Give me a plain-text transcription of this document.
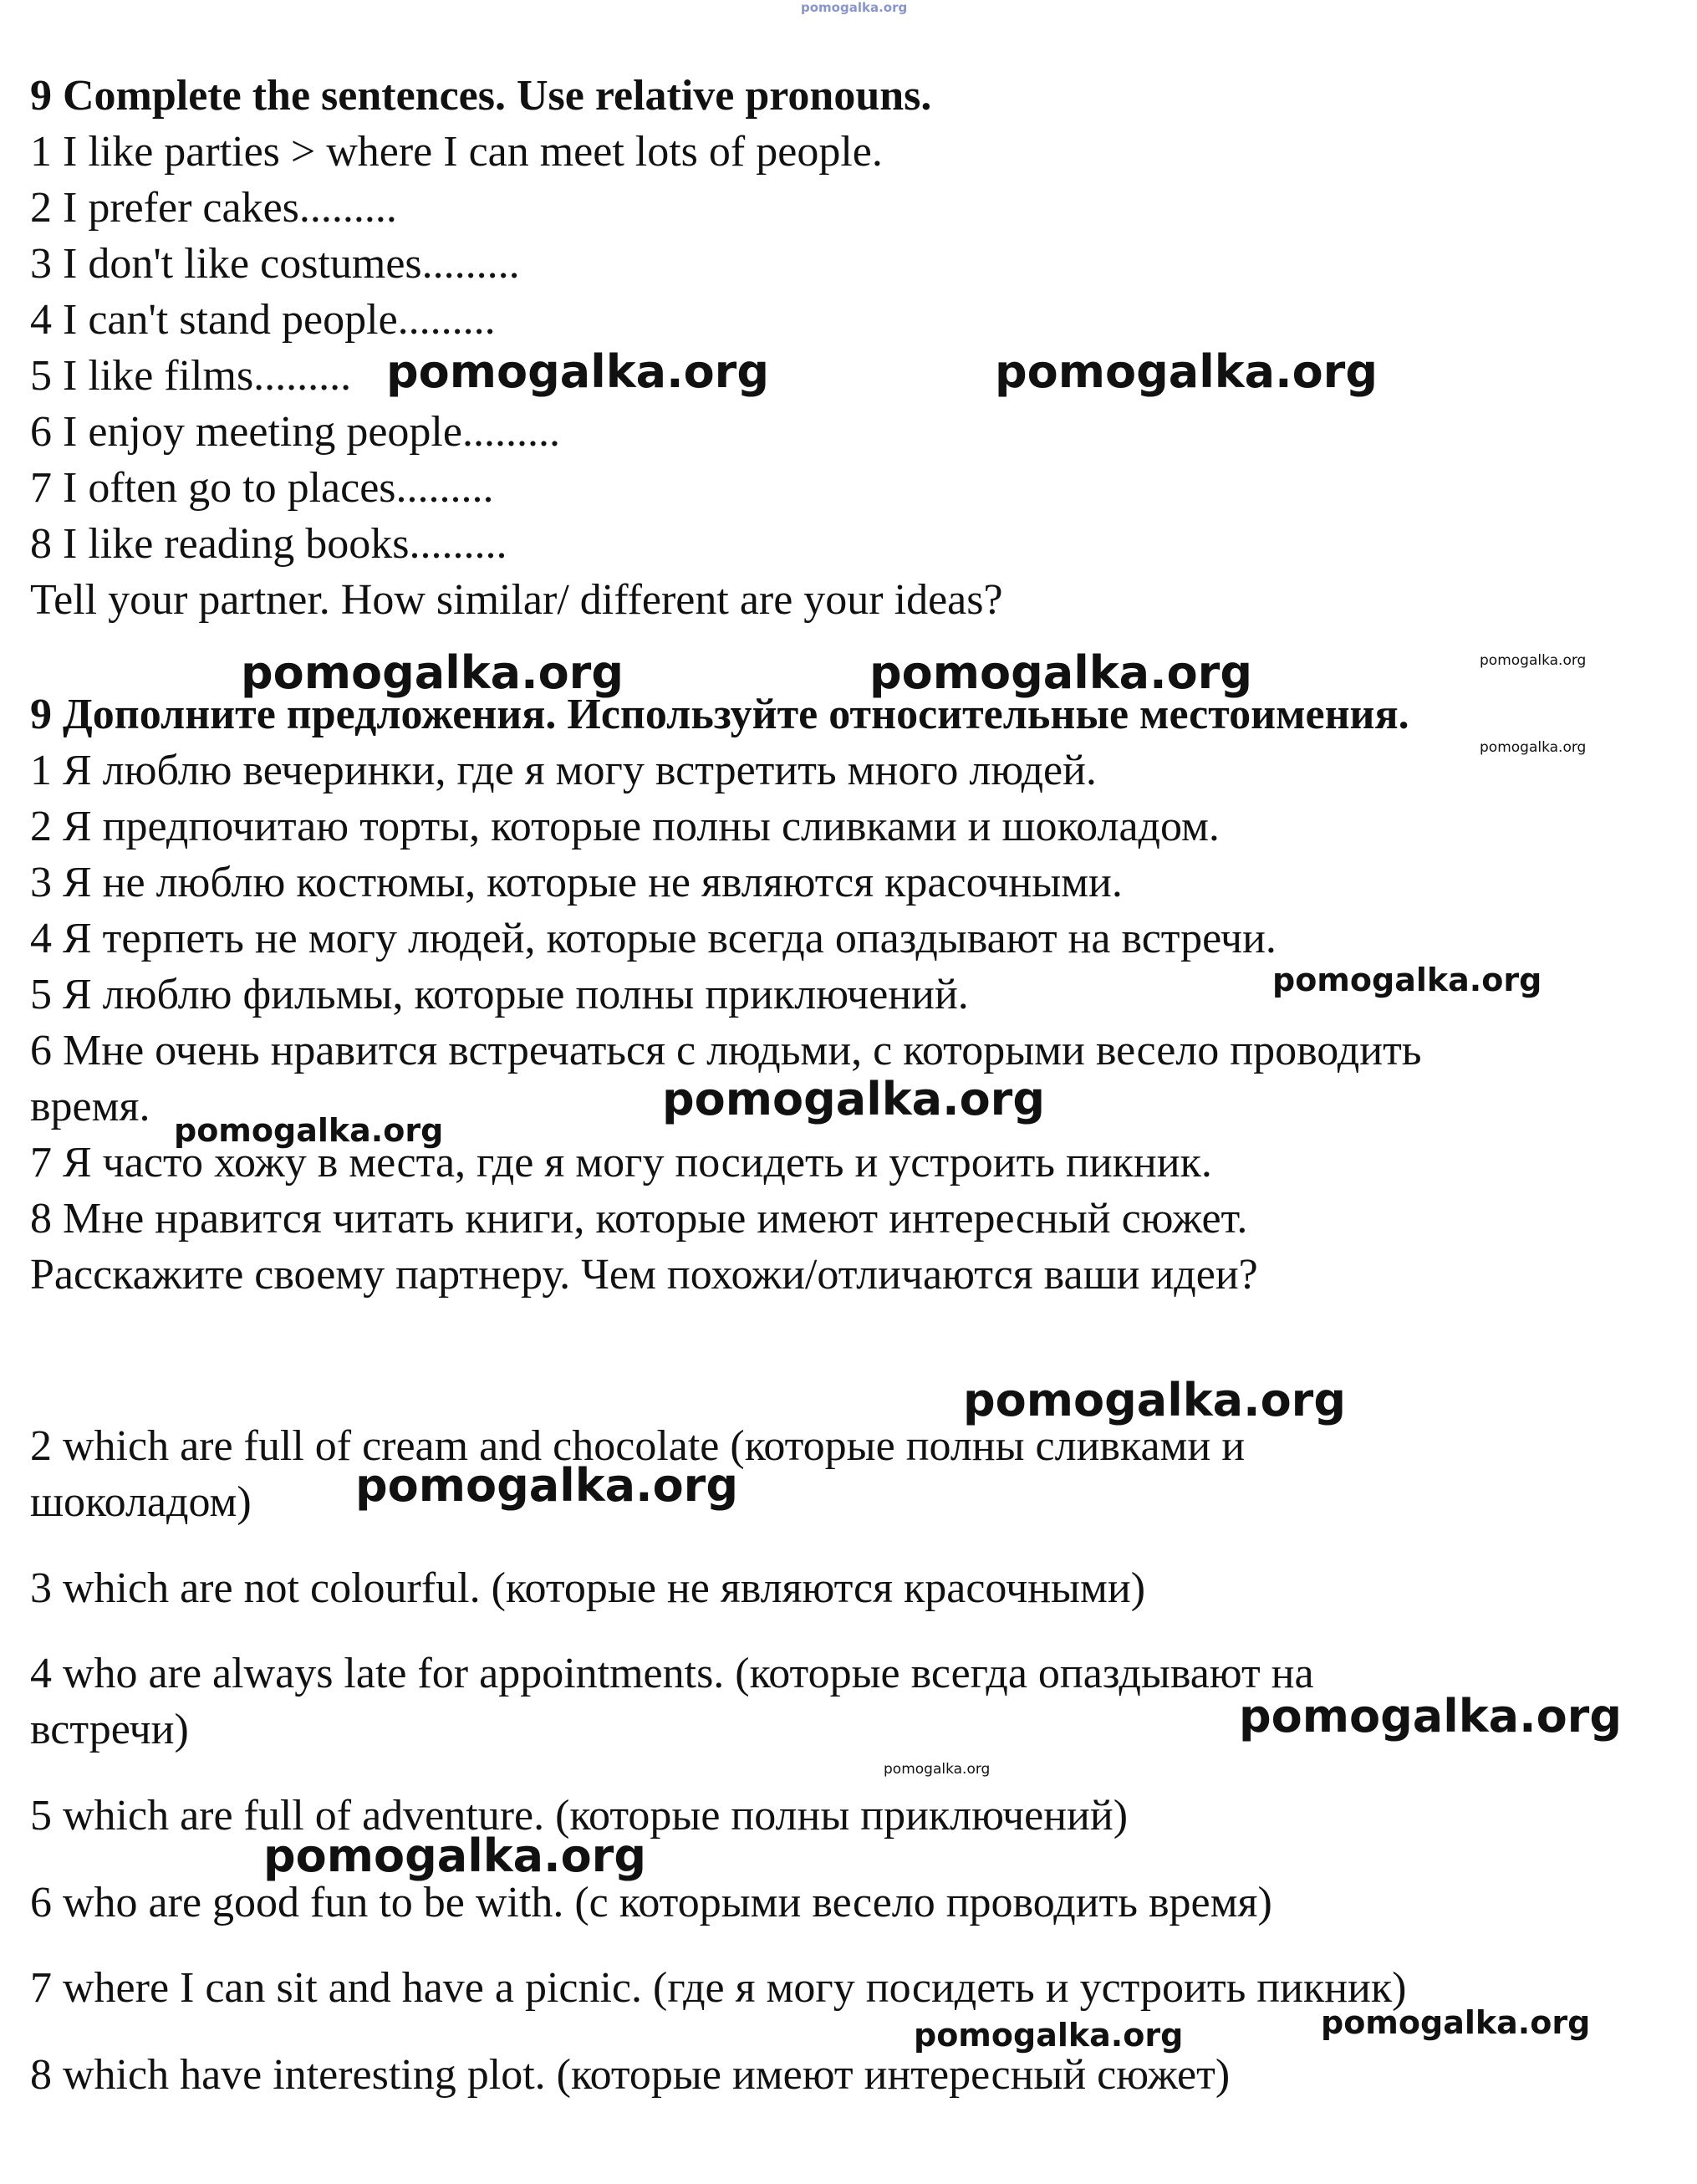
9 Complete the sentences. Use relative pronouns.
1 I like parties > where I can meet lots of people.
2 I prefer cakes.........
3 I don't like costumes.........
4 I can't stand people.........
5 I like films.........
6 I enjoy meeting people.........
7 I often go to places.........
8 I like reading books.........
Tell your partner. How similar/ different are your ideas?
9 Дополните предложения. Используйте относительные местоимения.
1 Я люблю вечеринки, где я могу встретить много людей.
2 Я предпочитаю торты, которые полны сливками и шоколадом.
3 Я не люблю костюмы, которые не являются красочными.
4 Я терпеть не могу людей, которые всегда опаздывают на встречи.
5 Я люблю фильмы, которые полны приключений.
6 Мне очень нравится встречаться с людьми, с которыми весело проводить
время.
7 Я часто хожу в места, где я могу посидеть и устроить пикник.
8 Мне нравится читать книги, которые имеют интересный сюжет.
Расскажите своему партнеру. Чем похожи/отличаются ваши идеи?
2 which are full of cream and chocolate (которые полны сливками и
шоколадом)
3 which are not colourful. (которые не являются красочными)
4 who are always late for appointments. (которые всегда опаздывают на
встречи)
5 which are full of adventure. (которые полны приключений)
6 who are good fun to be with. (с которыми весело проводить время)
7 where I can sit and have a picnic. (где я могу посидеть и устроить пикник)
8 which have interesting plot. (которые имеют интересный сюжет)
pomogalka.org
pomogalka.org	pomogalka.org
pomogalka.org	pomogalka.org	pomogalka.org
pomogalka.org
pomogalka.org
pomogalka.org
pomogalka.org
pomogalka.org
pomogalka.org
pomogalka.org
pomogalka.org
pomogalka.org
pomogalka.org	pomogalka.org
